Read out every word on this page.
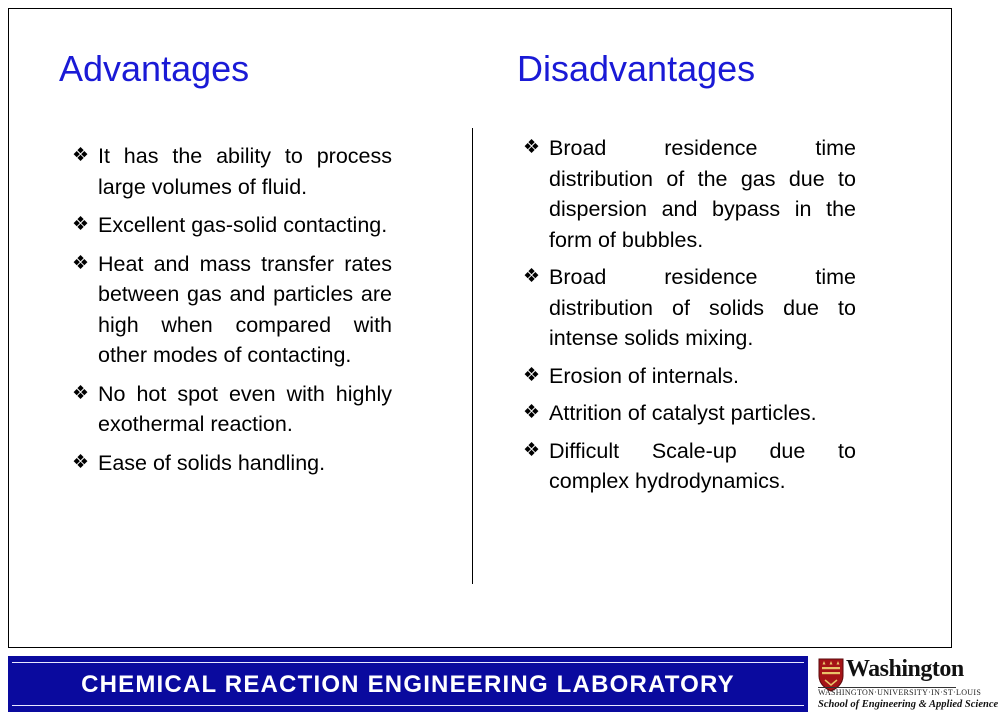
Advantages	Disadvantages
❖ It has the ability to process large volumes of fluid.
❖ Excellent gas-solid contacting.
❖ Heat and mass transfer rates between gas and particles are high when compared with other modes of contacting.
❖ No hot spot even with highly exothermal reaction.
❖ Ease of solids handling.
❖ Broad residence time distribution of the gas due to dispersion and bypass in the form of bubbles.
❖ Broad residence time distribution of solids due to intense solids mixing.
❖ Erosion of internals.
❖ Attrition of catalyst particles.
❖ Difficult Scale-up due to complex hydrodynamics.
CHEMICAL REACTION ENGINEERING LABORATORY
Washington
WASHINGTON·UNIVERSITY·IN·ST·LOUIS
School of Engineering & Applied Science
